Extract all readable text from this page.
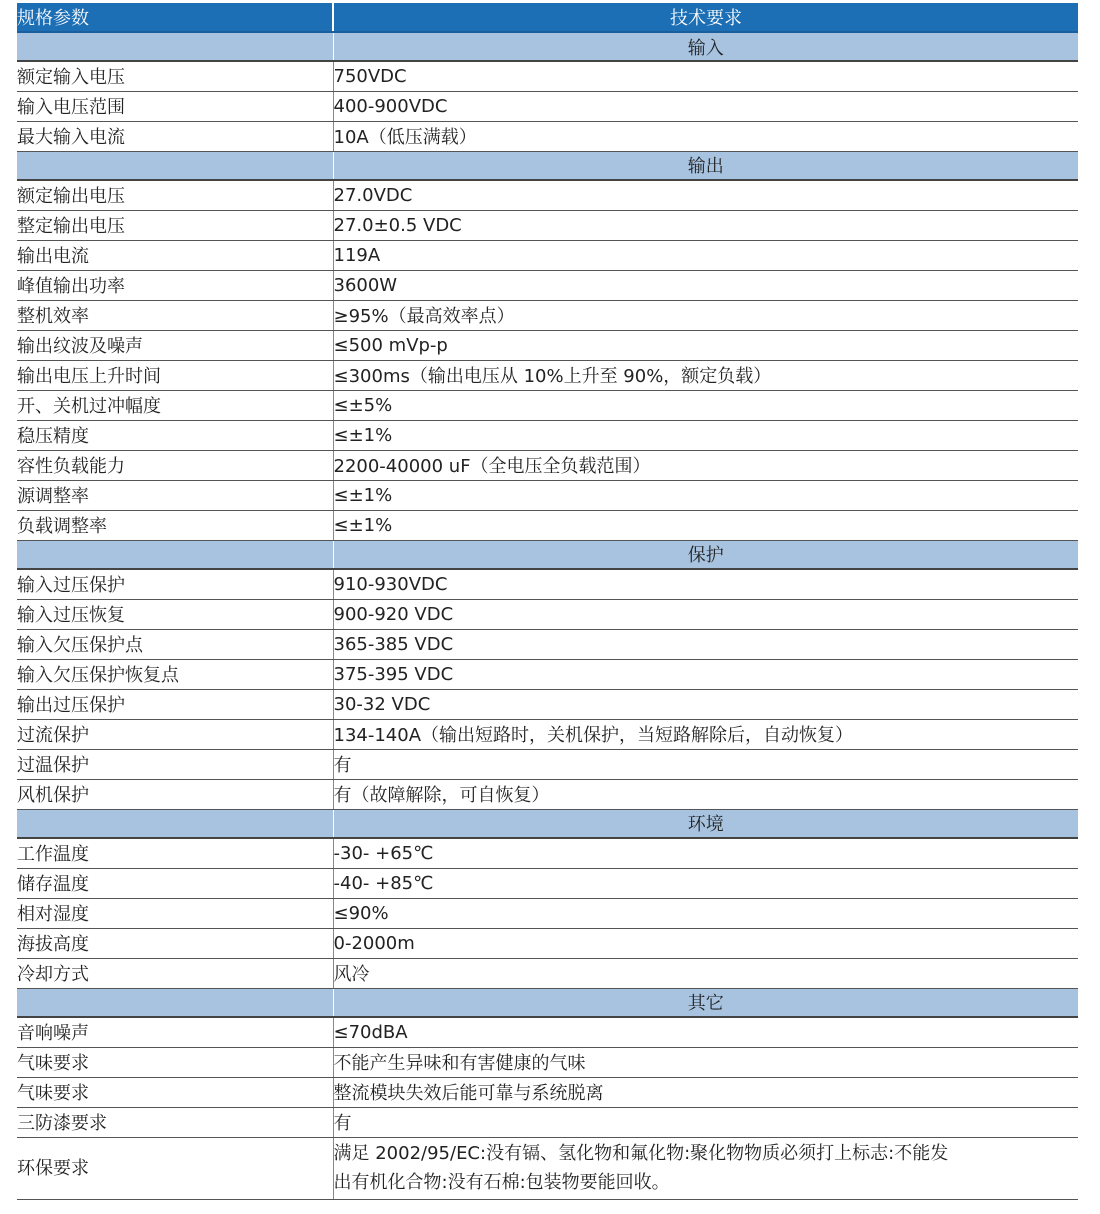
规格参数	技术要求
	输入
额定输入电压	750VDC
输入电压范围	400-900VDC
最大输入电流	10A（低压满载）
	输出
额定输出电压	27.0VDC
整定输出电压	27.0±0.5 VDC
输出电流	119A
峰值输出功率	3600W
整机效率	≥95%（最高效率点）
输出纹波及噪声	≤500 mVp-p
输出电压上升时间	≤300ms（输出电压从 10%上升至 90%，额定负载）
开、关机过冲幅度	≤±5%
稳压精度	≤±1%
容性负载能力	2200-40000 uF（全电压全负载范围）
源调整率	≤±1%
负载调整率	≤±1%
	保护
输入过压保护	910-930VDC
输入过压恢复	900-920 VDC
输入欠压保护点	365-385 VDC
输入欠压保护恢复点	375-395 VDC
输出过压保护	30-32 VDC
过流保护	134-140A（输出短路时，关机保护，当短路解除后，自动恢复）
过温保护	有
风机保护	有（故障解除，可自恢复）
	环境
工作温度	-30- +65℃
储存温度	-40- +85℃
相对湿度	≤90%
海拔高度	0-2000m
冷却方式	风冷
	其它
音响噪声	≤70dBA
气味要求	不能产生异味和有害健康的气味
气味要求	整流模块失效后能可靠与系统脱离
三防漆要求	有
环保要求	满足 2002/95/EC:没有镉、氢化物和氟化物:聚化物物质必须打上标志:不能发
出有机化合物:没有石棉:包装物要能回收。
